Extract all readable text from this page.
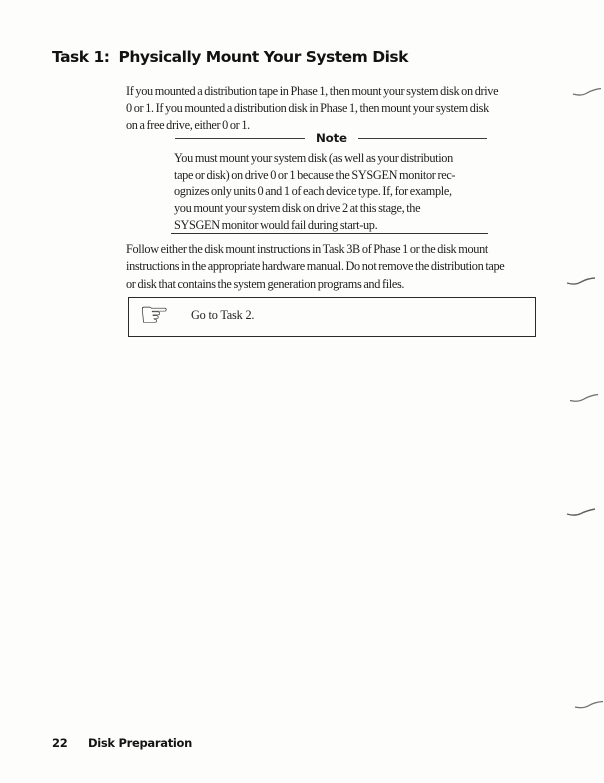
Task 1: Physically Mount Your System Disk
If you mounted a distribution tape in Phase 1, then mount your system disk on drive
0 or 1. If you mounted a distribution disk in Phase 1, then mount your system disk
on a free drive, either 0 or 1.
Note
You must mount your system disk (as well as your distribution
tape or disk) on drive 0 or 1 because the SYSGEN monitor rec-
ognizes only units 0 and 1 of each device type. If, for example,
you mount your system disk on drive 2 at this stage, the
SYSGEN monitor would fail during start-up.
Follow either the disk mount instructions in Task 3B of Phase 1 or the disk mount
instructions in the appropriate hardware manual. Do not remove the distribution tape
or disk that contains the system generation programs and files.
☞ Go to Task 2.
22 Disk Preparation
